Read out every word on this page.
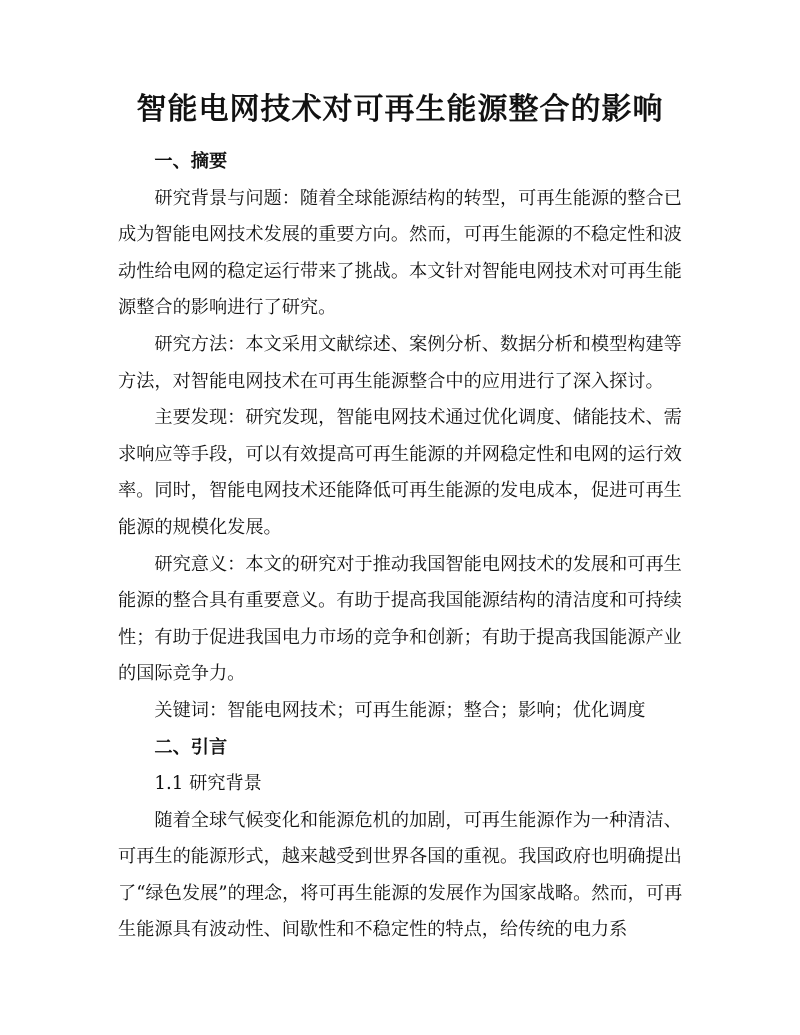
智能电网技术对可再生能源整合的影响

一、摘要

研究背景与问题：随着全球能源结构的转型，可再生能源的整合已成为智能电网技术发展的重要方向。然而，可再生能源的不稳定性和波动性给电网的稳定运行带来了挑战。本文针对智能电网技术对可再生能源整合的影响进行了研究。

研究方法：本文采用文献综述、案例分析、数据分析和模型构建等方法，对智能电网技术在可再生能源整合中的应用进行了深入探讨。

主要发现：研究发现，智能电网技术通过优化调度、储能技术、需求响应等手段，可以有效提高可再生能源的并网稳定性和电网的运行效率。同时，智能电网技术还能降低可再生能源的发电成本，促进可再生能源的规模化发展。

研究意义：本文的研究对于推动我国智能电网技术的发展和可再生能源的整合具有重要意义。有助于提高我国能源结构的清洁度和可持续性；有助于促进我国电力市场的竞争和创新；有助于提高我国能源产业的国际竞争力。

关键词：智能电网技术；可再生能源；整合；影响；优化调度

二、引言

1.1 研究背景

随着全球气候变化和能源危机的加剧，可再生能源作为一种清洁、可再生的能源形式，越来越受到世界各国的重视。我国政府也明确提出了“绿色发展”的理念，将可再生能源的发展作为国家战略。然而，可再生能源具有波动性、间歇性和不稳定性的特点，给传统的电力系
